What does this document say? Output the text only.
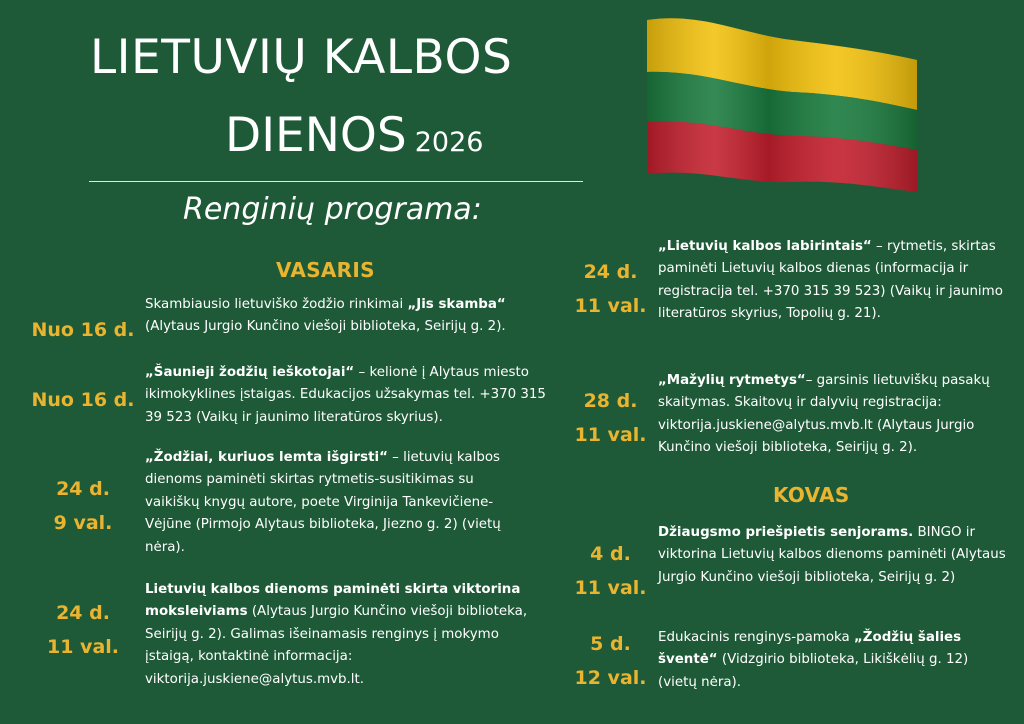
LIETUVIŲ KALBOS
DIENOS 2026
Renginių programa:
VASARIS
Nuo 16 d.
Skambiausio lietuviško žodžio rinkimai „Jis skamba“ (Alytaus Jurgio Kunčino viešoji biblioteka, Seirijų g. 2).
Nuo 16 d.
„Šaunieji žodžių ieškotojai“ – kelionė į Alytaus miesto ikimokyklines įstaigas. Edukacijos užsakymas tel. +370 315 39 523 (Vaikų ir jaunimo literatūros skyrius).
24 d.
9 val.
„Žodžiai, kuriuos lemta išgirsti“ – lietuvių kalbos dienoms paminėti skirtas rytmetis-susitikimas su vaikiškų knygų autore, poete Virginija Tankevičiene-Vėjūne (Pirmojo Alytaus biblioteka, Jiezno g. 2) (vietų nėra).
24 d.
11 val.
Lietuvių kalbos dienoms paminėti skirta viktorina moksleiviams (Alytaus Jurgio Kunčino viešoji biblioteka, Seirijų g. 2). Galimas išeinamasis renginys į mokymo įstaigą, kontaktinė informacija: viktorija.juskiene@alytus.mvb.lt.
24 d.
11 val.
„Lietuvių kalbos labirintais“ – rytmetis, skirtas paminėti Lietuvių kalbos dienas (informacija ir registracija tel. +370 315 39 523) (Vaikų ir jaunimo literatūros skyrius, Topolių g. 21).
28 d.
11 val.
„Mažylių rytmetys“– garsinis lietuviškų pasakų skaitymas. Skaitovų ir dalyvių registracija: viktorija.juskiene@alytus.mvb.lt (Alytaus Jurgio Kunčino viešoji biblioteka, Seirijų g. 2).
KOVAS
4 d.
11 val.
Džiaugsmo priešpietis senjorams. BINGO ir viktorina Lietuvių kalbos dienoms paminėti (Alytaus Jurgio Kunčino viešoji biblioteka, Seirijų g. 2)
5 d.
12 val.
Edukacinis renginys-pamoka „Žodžių šalies šventė“ (Vidzgirio biblioteka, Likiškėlių g. 12) (vietų nėra).
